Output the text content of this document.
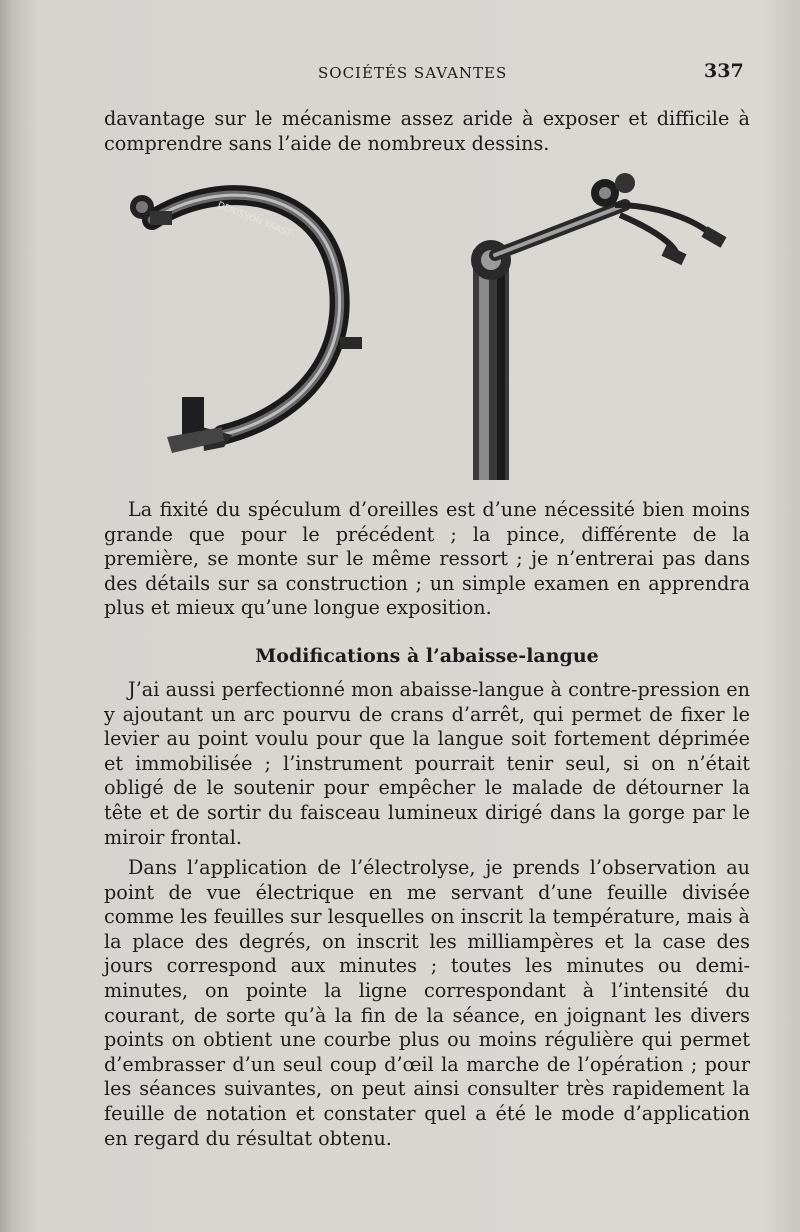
SOCIÉTÉS SAVANTES	337

davantage sur le mécanisme assez aride à exposer et difficile à comprendre sans l’aide de nombreux dessins.

DENISSON YAAST

La fixité du spéculum d’oreilles est d’une nécessité bien moins grande que pour le précédent ; la pince, différente de la première, se monte sur le même ressort ; je n’entrerai pas dans des détails sur sa construction ; un simple examen en apprendra plus et mieux qu’une longue exposition.

Modifications à l’abaisse-langue

J’ai aussi perfectionné mon abaisse-langue à contre-pression en y ajoutant un arc pourvu de crans d’arrêt, qui permet de fixer le levier au point voulu pour que la langue soit fortement déprimée et immobilisée ; l’instrument pourrait tenir seul, si on n’était obligé de le soutenir pour empêcher le malade de détourner la tête et de sortir du faisceau lumineux dirigé dans la gorge par le miroir frontal.

Dans l’application de l’électrolyse, je prends l’observation au point de vue électrique en me servant d’une feuille divisée comme les feuilles sur lesquelles on inscrit la température, mais à la place des degrés, on inscrit les milliampères et la case des jours correspond aux minutes ; toutes les minutes ou demi-minutes, on pointe la ligne correspondant à l’intensité du courant, de sorte qu’à la fin de la séance, en joignant les divers points on obtient une courbe plus ou moins régulière qui permet d’embrasser d’un seul coup d’œil la marche de l’opération ; pour les séances suivantes, on peut ainsi consulter très rapidement la feuille de notation et constater quel a été le mode d’application en regard du résultat obtenu.
